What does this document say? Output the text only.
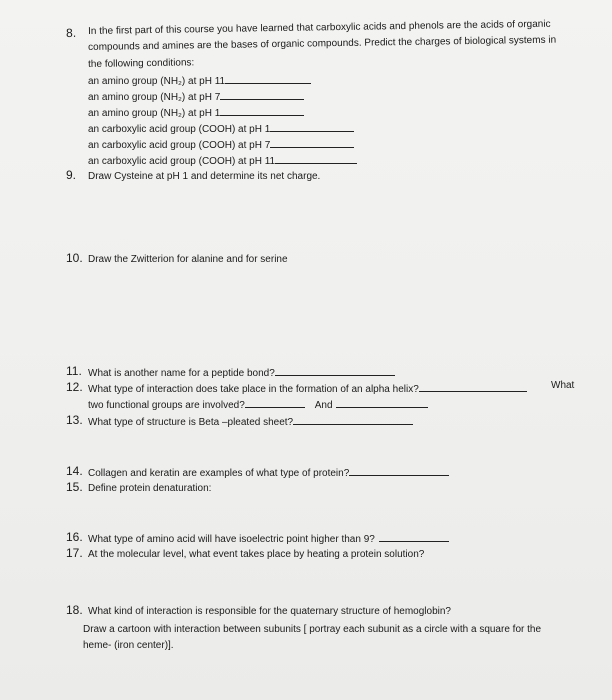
8. In the first part of this course you have learned that carboxylic acids and phenols are the acids of organic
compounds and amines are the bases of organic compounds. Predict the charges of biological systems in
the following conditions:
an amino group (NH₂) at pH 11
an amino group (NH₂) at pH 7
an amino group (NH₂) at pH 1
an carboxylic acid group (COOH) at pH 1
an carboxylic acid group (COOH) at pH 7
an carboxylic acid group (COOH) at pH 11
9. Draw Cysteine at pH 1 and determine its net charge.
10. Draw the Zwitterion for alanine and for serine
11. What is another name for a peptide bond?
12. What type of interaction does take place in the formation of an alpha helix?	What
two functional groups are involved?	And
13. What type of structure is Beta –pleated sheet?
14. Collagen and keratin are examples of what type of protein?
15. Define protein denaturation:
16. What type of amino acid will have isoelectric point higher than 9?
17. At the molecular level, what event takes place by heating a protein solution?
18. What kind of interaction is responsible for the quaternary structure of hemoglobin?
Draw a cartoon with interaction between subunits [ portray each subunit as a circle with a square for the
heme- (iron center)].
